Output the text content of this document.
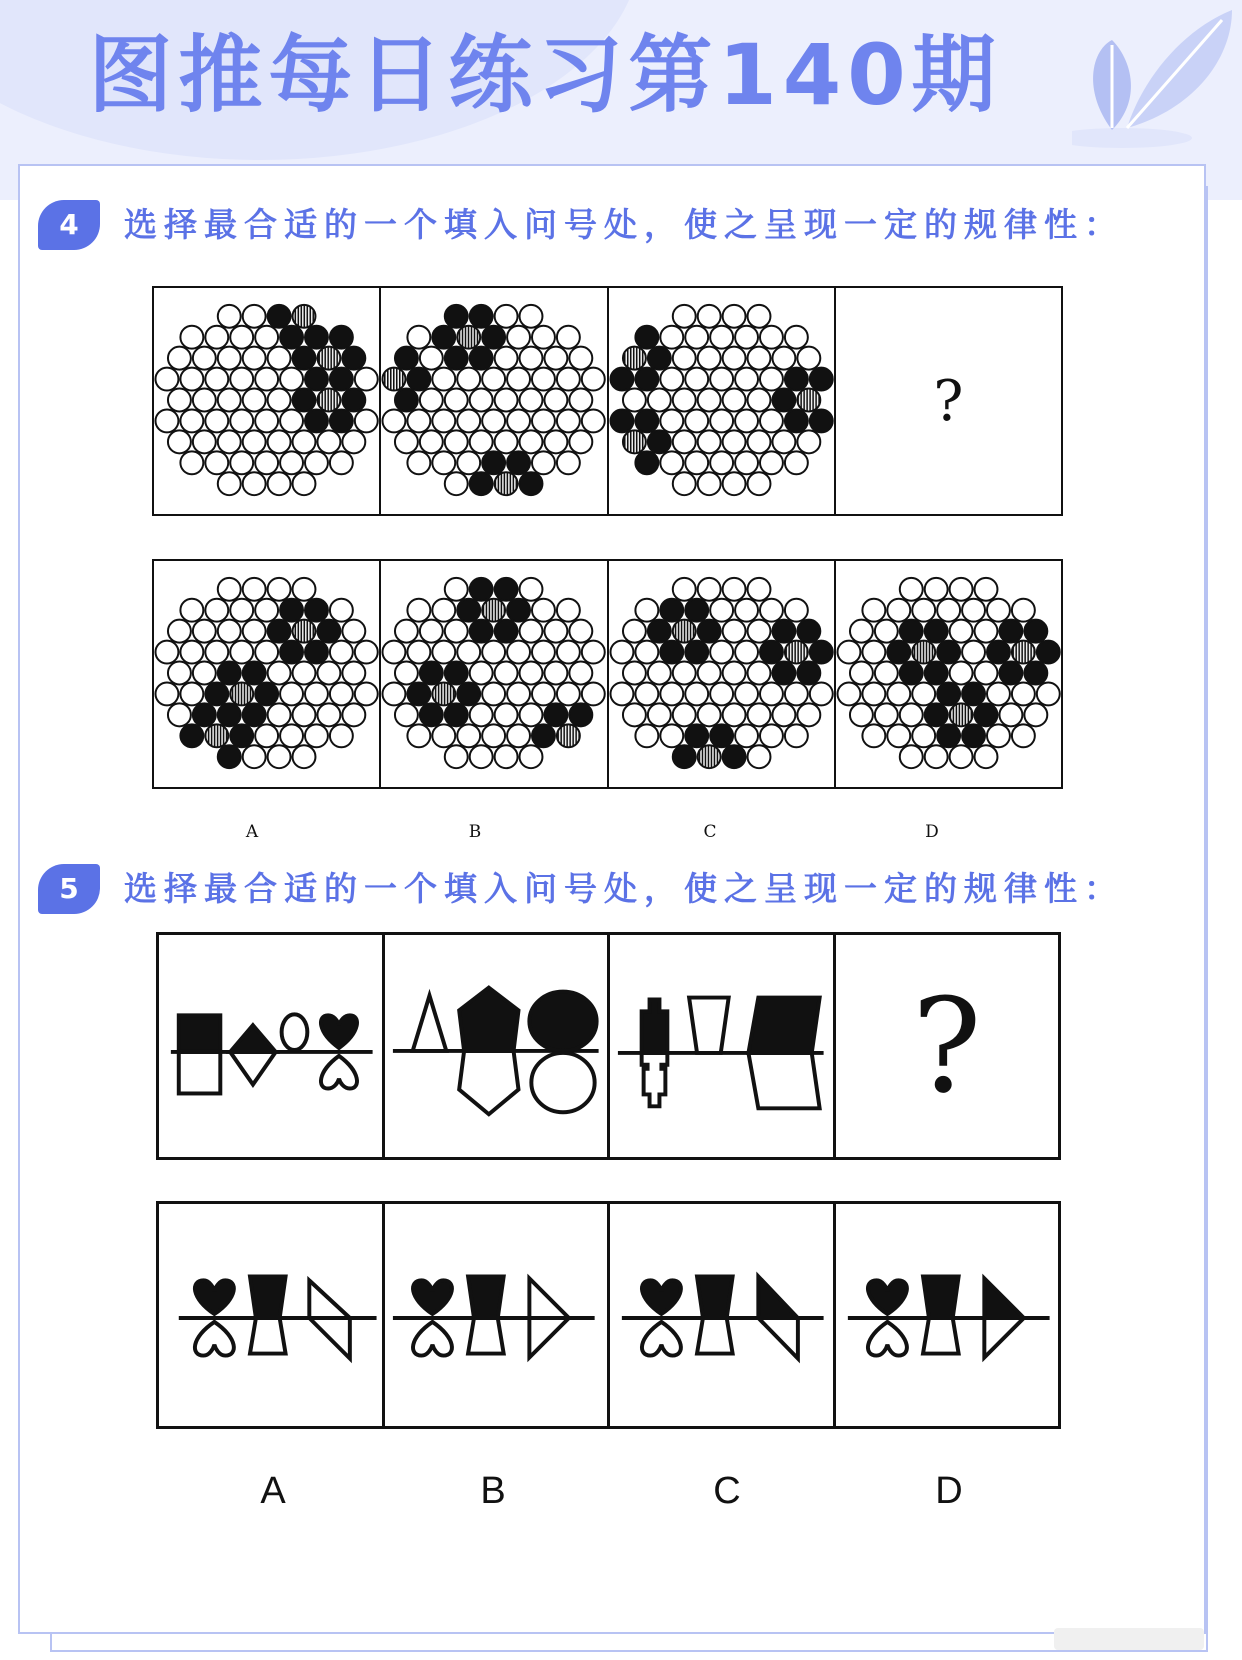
图推每日练习第140期
4	选择最合适的一个填入问号处，使之呈现一定的规律性：
?
A	B	C	D
5	选择最合适的一个填入问号处，使之呈现一定的规律性：
?
A	B	C	D
